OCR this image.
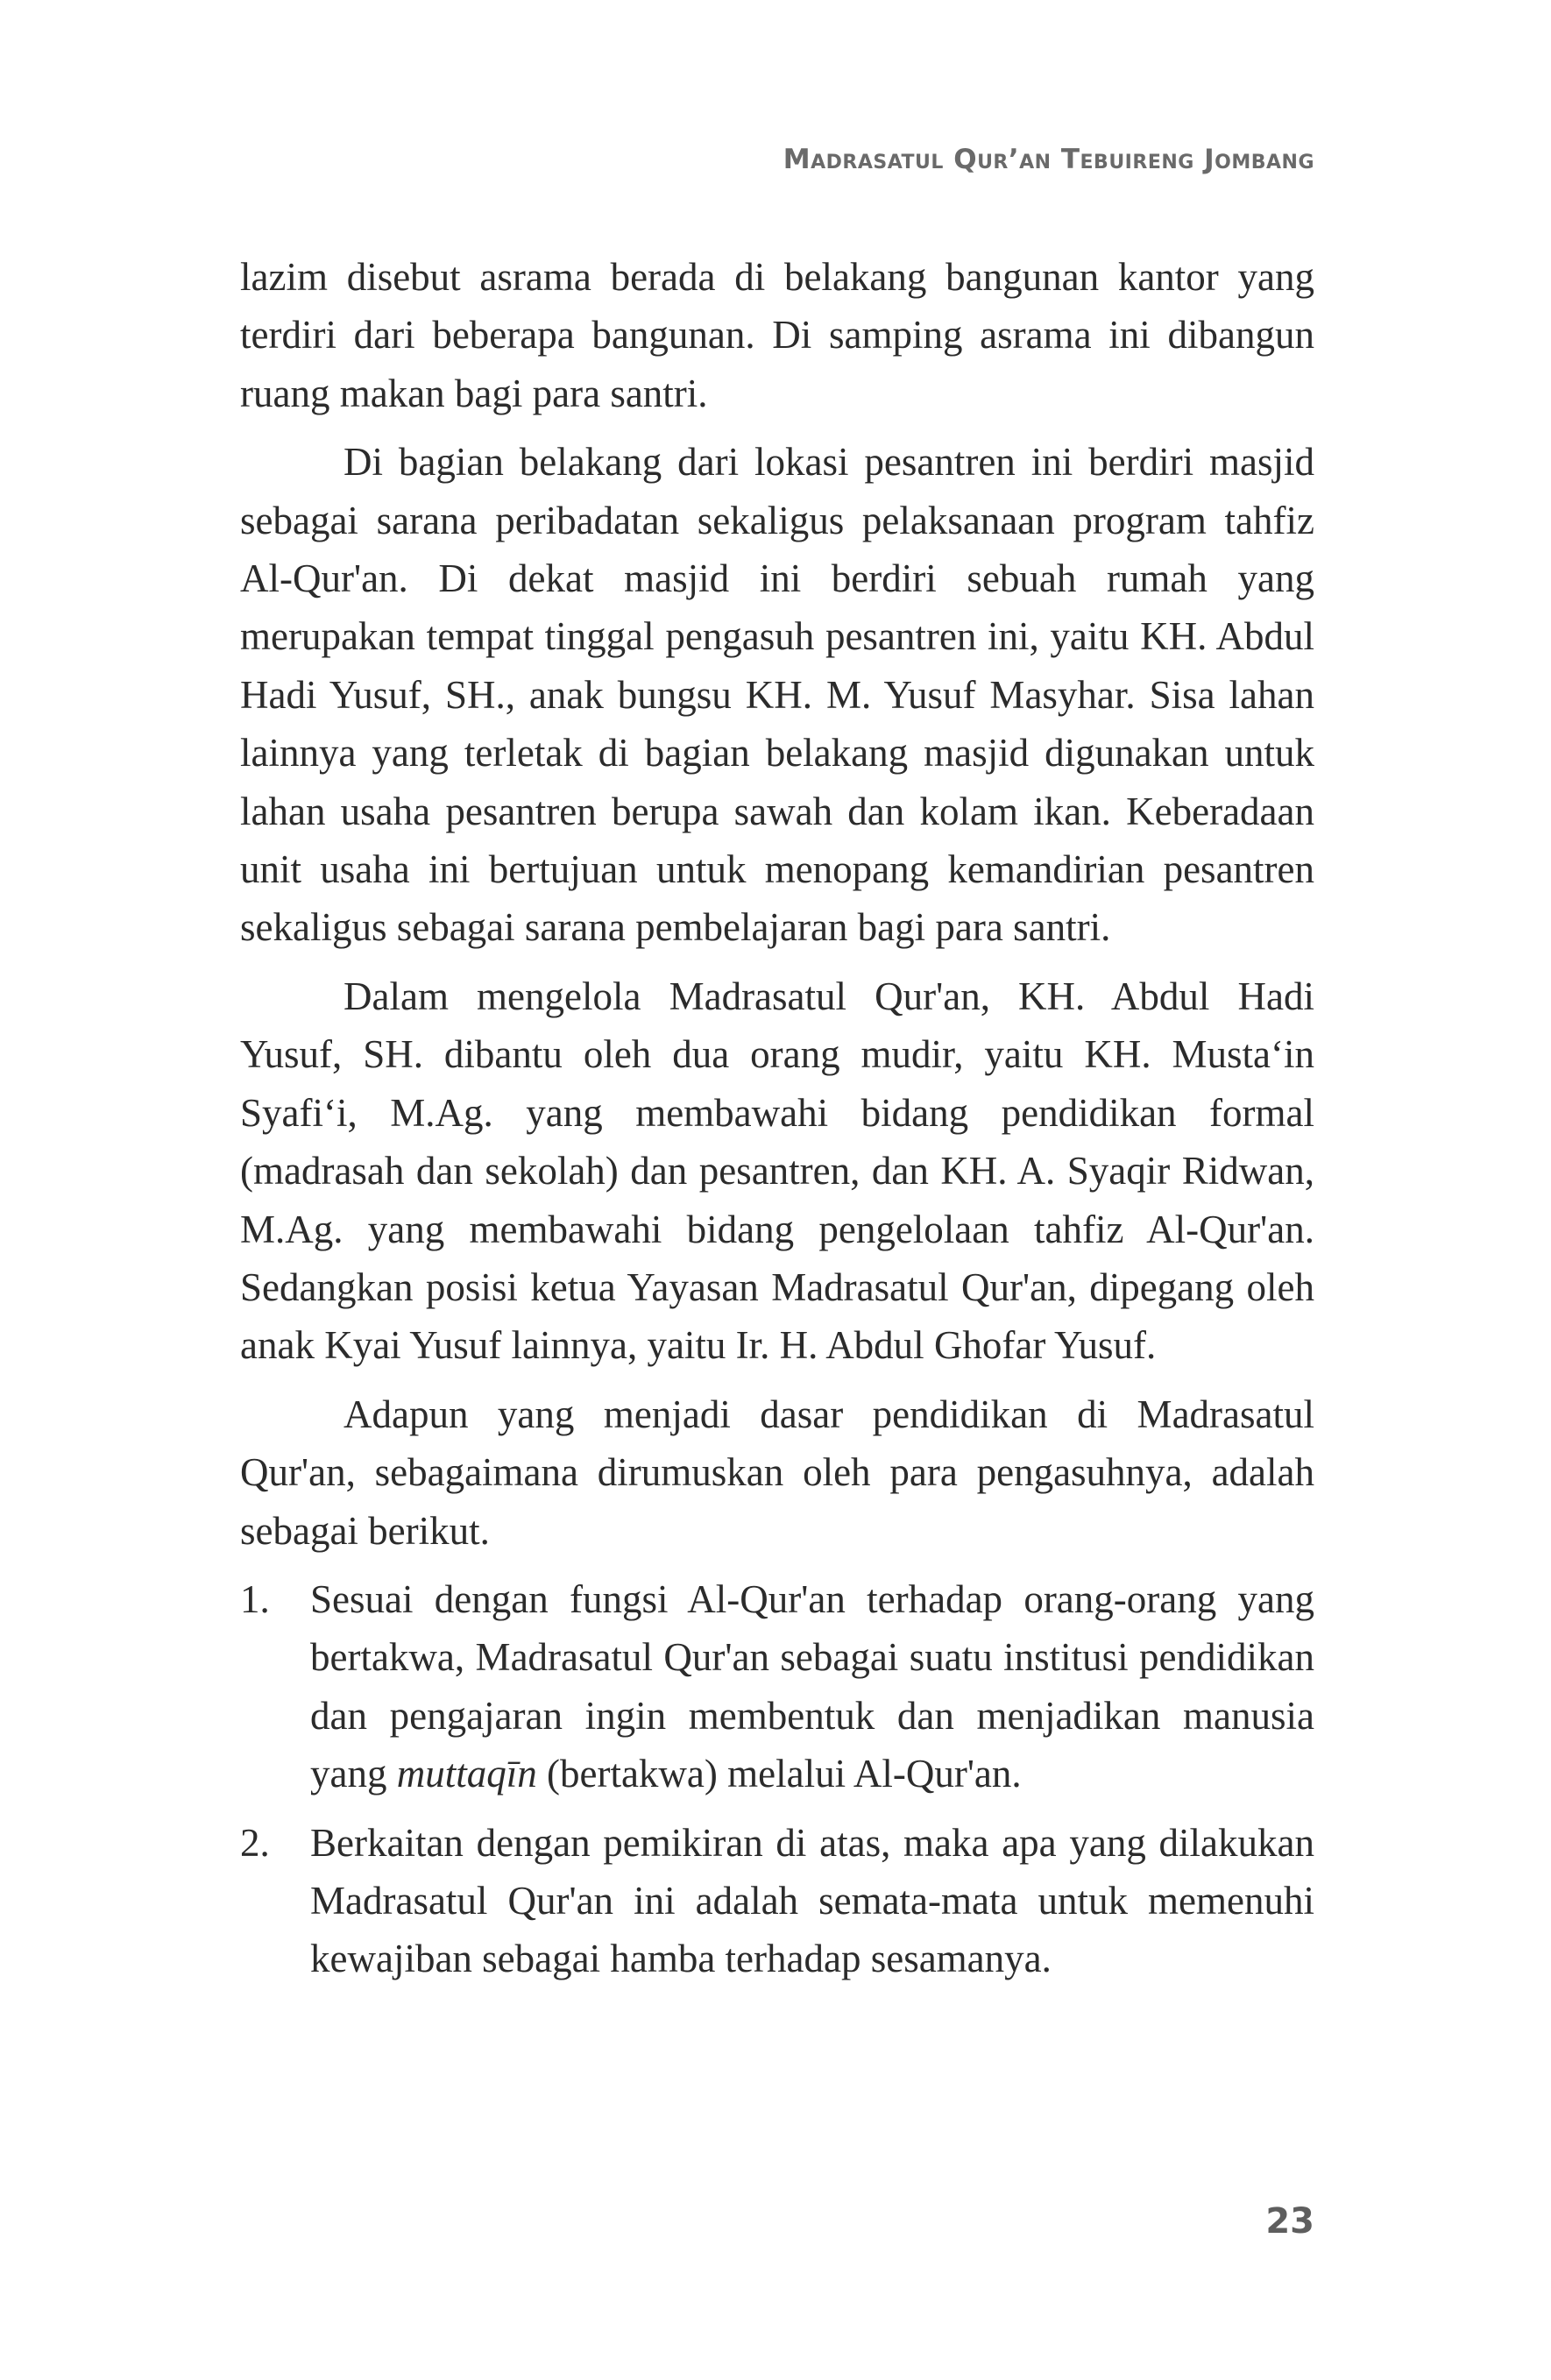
Madrasatul Qur’an Tebuireng Jombang

lazim disebut asrama berada di belakang bangunan kantor yang terdiri dari beberapa bangunan. Di samping asrama ini dibangun ruang makan bagi para santri.

Di bagian belakang dari lokasi pesantren ini berdiri masjid sebagai sarana peribadatan sekaligus pelaksanaan program tahfiz Al-Qur'an. Di dekat masjid ini berdiri sebuah rumah yang merupakan tempat tinggal pengasuh pesantren ini, yaitu KH. Abdul Hadi Yusuf, SH., anak bungsu KH. M. Yusuf Masyhar. Sisa lahan lainnya yang terletak di bagian belakang masjid digunakan untuk lahan usaha pesantren berupa sawah dan kolam ikan. Keberadaan unit usaha ini bertujuan untuk menopang kemandirian pesantren sekaligus sebagai sarana pembelajaran bagi para santri.

Dalam mengelola Madrasatul Qur'an, KH. Abdul Hadi Yusuf, SH. dibantu oleh dua orang mudir, yaitu KH. Musta‘in Syafi‘i, M.Ag. yang membawahi bidang pendidikan formal (madrasah dan sekolah) dan pesantren, dan KH. A. Syaqir Ridwan, M.Ag. yang membawahi bidang pengelolaan tahfiz Al-Qur'an. Sedangkan posisi ketua Yayasan Madrasatul Qur'an, dipegang oleh anak Kyai Yusuf lainnya, yaitu Ir. H. Abdul Ghofar Yusuf.

Adapun yang menjadi dasar pendidikan di Madrasatul Qur'an, sebagaimana dirumuskan oleh para pengasuhnya, adalah sebagai berikut.

1. Sesuai dengan fungsi Al-Qur'an terhadap orang-orang yang bertakwa, Madrasatul Qur'an sebagai suatu institusi pendidikan dan pengajaran ingin membentuk dan menjadikan manusia yang muttaqīn (bertakwa) melalui Al-Qur'an.
2. Berkaitan dengan pemikiran di atas, maka apa yang dilakukan Madrasatul Qur'an ini adalah semata-mata untuk memenuhi kewajiban sebagai hamba terhadap sesamanya.
23
